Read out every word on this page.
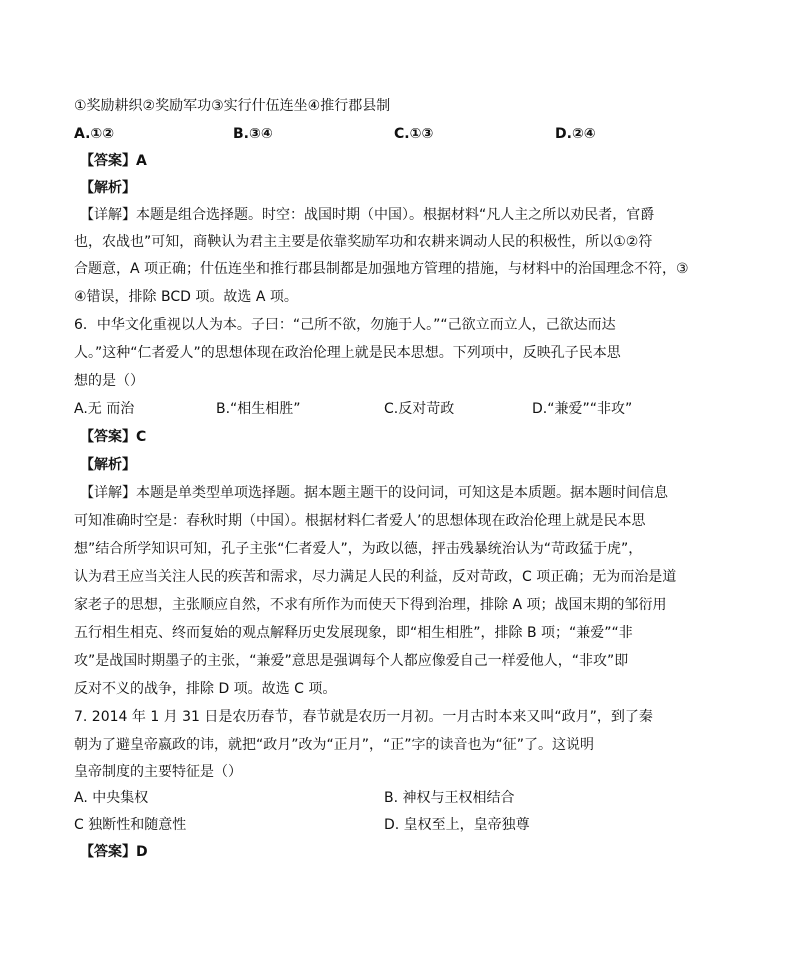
①奖励耕织②奖励军功③实行什伍连坐④推行郡县制
A.①②	B.③④	C.①③	D.②④
【答案】A
【解析】
【详解】本题是组合选择题。时空：战国时期（中国）。根据材料“凡人主之所以劝民者，官爵
也，农战也”可知，商鞅认为君主主要是依靠奖励军功和农耕来调动人民的积极性，所以①②符
合题意，A 项正确；什伍连坐和推行郡县制都是加强地方管理的措施，与材料中的治国理念不符，③
④错误，排除 BCD 项。故选 A 项。
6．中华文化重视以人为本。子曰：“己所不欲，勿施于人。”“己欲立而立人，己欲达而达
人。”这种“仁者爱人”的思想体现在政治伦理上就是民本思想。下列项中，反映孔子民本思
想的是（）
A.无 而治	B.“相生相胜”	C.反对苛政	D.“兼爱”“非攻”
【答案】C
【解析】
【详解】本题是单类型单项选择题。据本题主题干的设问词，可知这是本质题。据本题时间信息
可知准确时空是：春秋时期（中国）。根据材料仁者爱人’的思想体现在政治伦理上就是民本思
想”结合所学知识可知，孔子主张“仁者爱人”，为政以德，抨击残暴统治认为“苛政猛于虎”，
认为君王应当关注人民的疾苦和需求，尽力满足人民的利益，反对苛政，C 项正确；无为而治是道
家老子的思想，主张顺应自然，不求有所作为而使天下得到治理，排除 A 项；战国末期的邹衍用
五行相生相克、终而复始的观点解释历史发展现象，即“相生相胜”，排除 B 项；“兼爱”“非
攻”是战国时期墨子的主张，“兼爱”意思是强调每个人都应像爱自己一样爱他人，“非攻”即
反对不义的战争，排除 D 项。故选 C 项。
7. 2014 年 1 月 31 日是农历春节，春节就是农历一月初。一月古时本来又叫“政月”，到了秦
朝为了避皇帝嬴政的讳，就把“政月”改为“正月”，“正”字的读音也为“征”了。这说明
皇帝制度的主要特征是（）
A. 中央集权	B. 神权与王权相结合
C 独断性和随意性	D. 皇权至上，皇帝独尊
【答案】D
